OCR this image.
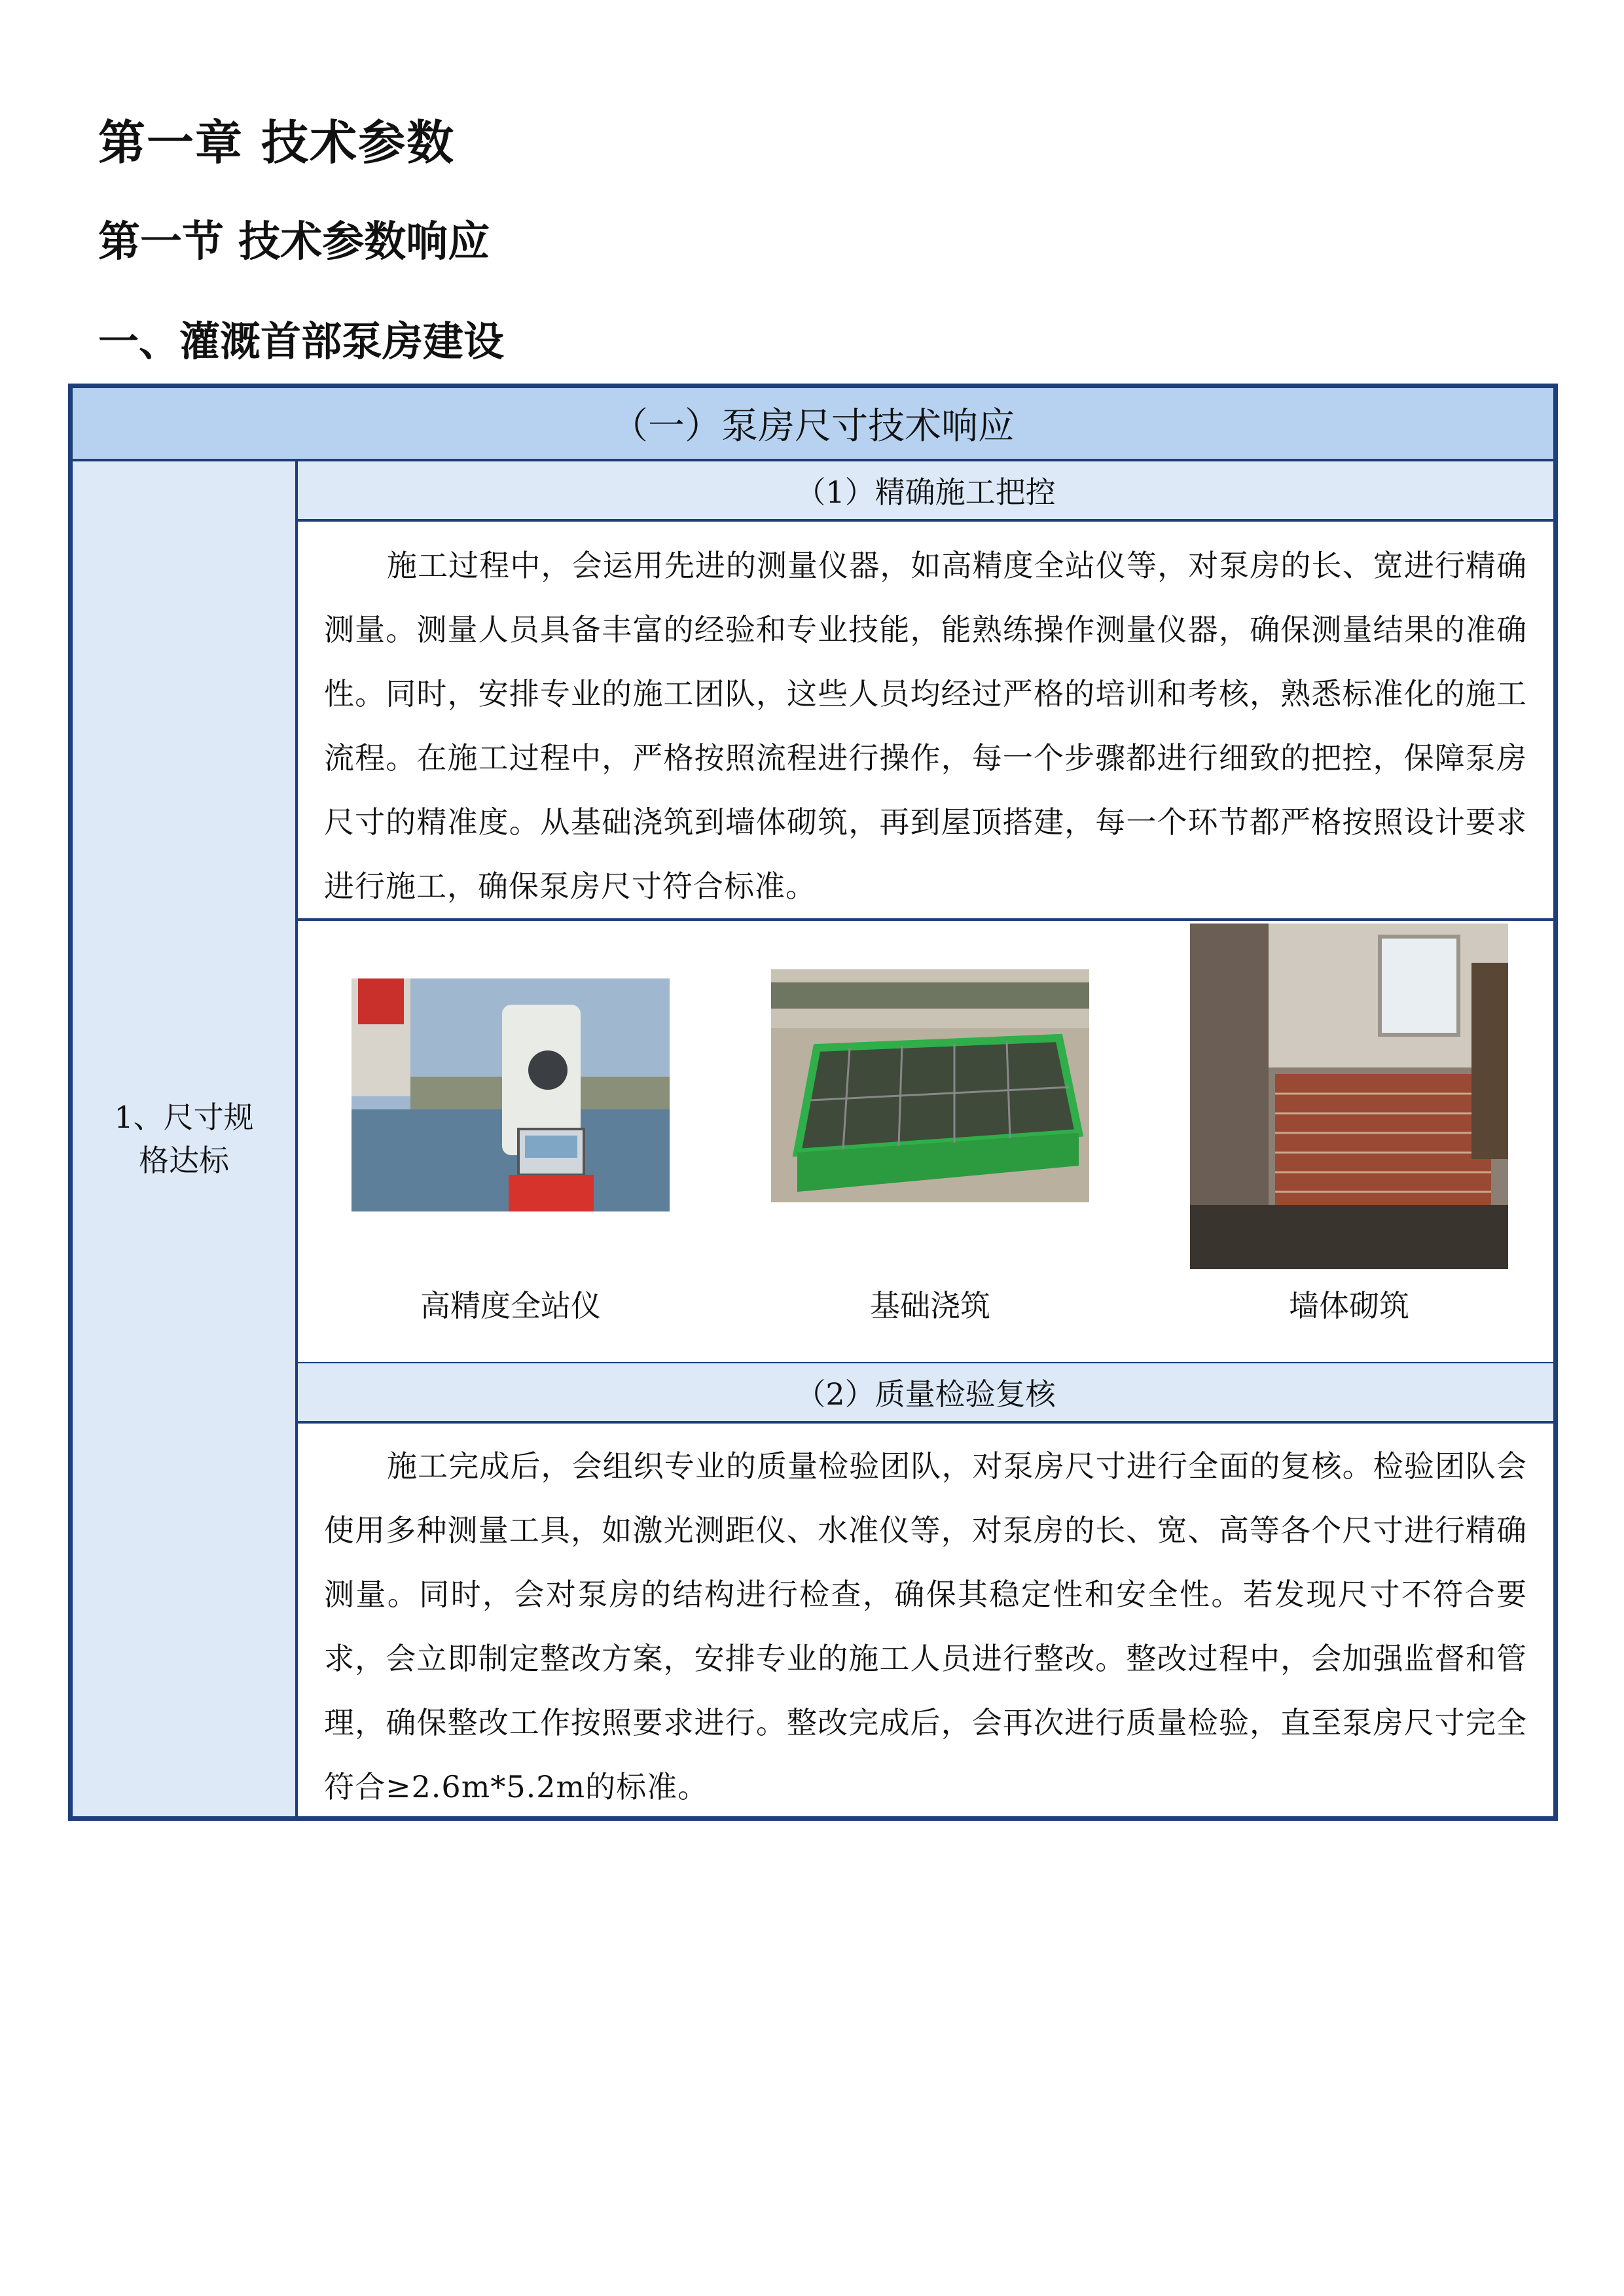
第一章 技术参数
第一节 技术参数响应
一、灌溉首部泵房建设
（一）泵房尺寸技术响应
1、尺寸规格达标
（1）精确施工把控
施工过程中，会运用先进的测量仪器，如高精度全站仪等，对泵房的长、宽进行精确测量。测量人员具备丰富的经验和专业技能，能熟练操作测量仪器，确保测量结果的准确性。同时，安排专业的施工团队，这些人员均经过严格的培训和考核，熟悉标准化的施工流程。在施工过程中，严格按照流程进行操作，每一个步骤都进行细致的把控，保障泵房尺寸的精准度。从基础浇筑到墙体砌筑，再到屋顶搭建，每一个环节都严格按照设计要求进行施工，确保泵房尺寸符合标准。
高精度全站仪	基础浇筑	墙体砌筑
（2）质量检验复核
施工完成后，会组织专业的质量检验团队，对泵房尺寸进行全面的复核。检验团队会使用多种测量工具，如激光测距仪、水准仪等，对泵房的长、宽、高等各个尺寸进行精确测量。同时，会对泵房的结构进行检查，确保其稳定性和安全性。若发现尺寸不符合要求，会立即制定整改方案，安排专业的施工人员进行整改。整改过程中，会加强监督和管理，确保整改工作按照要求进行。整改完成后，会再次进行质量检验，直至泵房尺寸完全符合≥2.6m*5.2m的标准。
